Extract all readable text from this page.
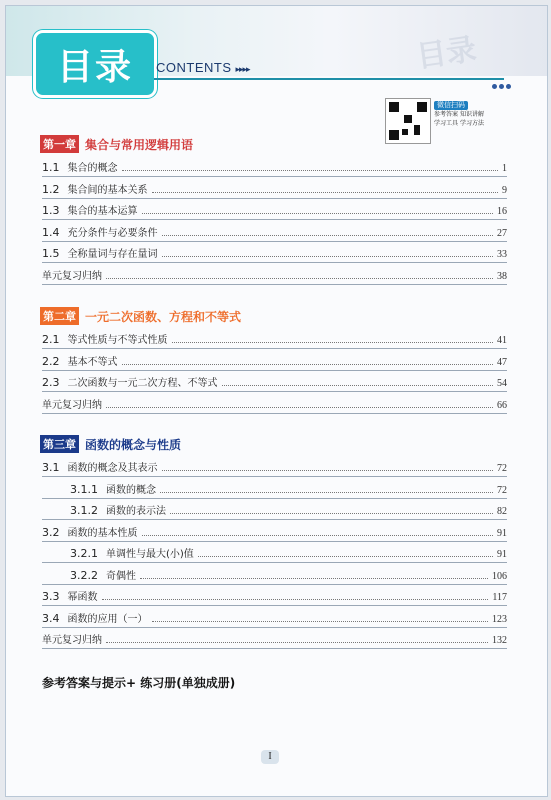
目录
目录	CONTENTS ▸▸▸▸
微信扫码
参考答案 知识讲解
学习工具 学习方法
第一章 集合与常用逻辑用语
1.1 集合的概念	1
1.2 集合间的基本关系	9
1.3 集合的基本运算	16
1.4 充分条件与必要条件	27
1.5 全称量词与存在量词	33
单元复习归纳	38
第二章 一元二次函数、方程和不等式
2.1 等式性质与不等式性质	41
2.2 基本不等式	47
2.3 二次函数与一元二次方程、不等式	54
单元复习归纳	66
第三章 函数的概念与性质
3.1 函数的概念及其表示	72
3.1.1 函数的概念	72
3.1.2 函数的表示法	82
3.2 函数的基本性质	91
3.2.1 单调性与最大(小)值	91
3.2.2 奇偶性	106
3.3 幂函数	117
3.4 函数的应用（一）	123
单元复习归纳	132
参考答案与提示+ 练习册(单独成册)
I
